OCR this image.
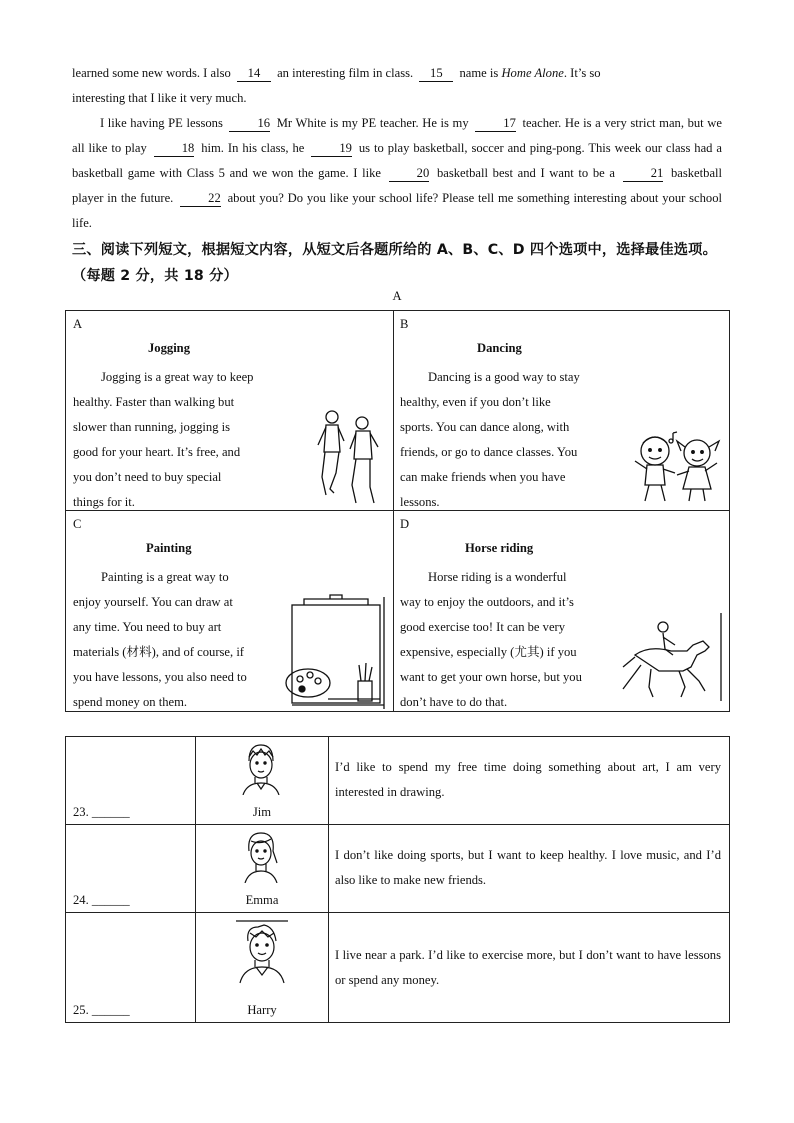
learned some new words. I also 14 an interesting film in class. 15 name is Home Alone. It’s so

interesting that I like it very much.

I like having PE lessons	16 Mr White is my PE teacher. He is my	17 teacher. He is a very strict man, but we all like to play	18 him. In his class, he	19 us to play basketball, soccer and ping-pong. This week our class had a basketball game with Class 5 and we won the game. I like	20 basketball best and I want to be a	21 basketball player in the future.	22 about you? Do you like your school life? Please tell me something interesting about your school life.

三、阅读下列短文，根据短文内容，从短文后各题所给的 A、B、C、D 四个选项中，选择最佳选项。（每题 2 分，共 18 分）
A
A
Jogging

Jogging is a great way to keep

healthy. Faster than walking but

slower than running, jogging is

good for your heart. It’s free, and

you don’t need to buy special

things for it.

B
Dancing

Dancing is a good way to stay

healthy, even if you don’t like

sports. You can dance along, with

friends, or go to dance classes. You

can make friends when you have

lessons.

C
Painting

Painting is a great way to

enjoy yourself. You can draw at

any time. You need to buy art

materials (材料), and of course, if

you have lessons, you also need to

spend money on them.

D
Horse riding

Horse riding is a wonderful

way to enjoy the outdoors, and it’s

good exercise too! It can be very

expensive, especially (尤其) if you

want to get your own horse, but you

don’t have to do that.

23. ______	Jim	I’d like to spend my free time doing something about art, I am very interested in drawing.

24. ______	Emma	I don’t like doing sports, but I want to keep healthy. I love music, and I’d also like to make new friends.

25. ______	Harry	I live near a park. I’d like to exercise more, but I don’t want to have lessons or spend any money.
